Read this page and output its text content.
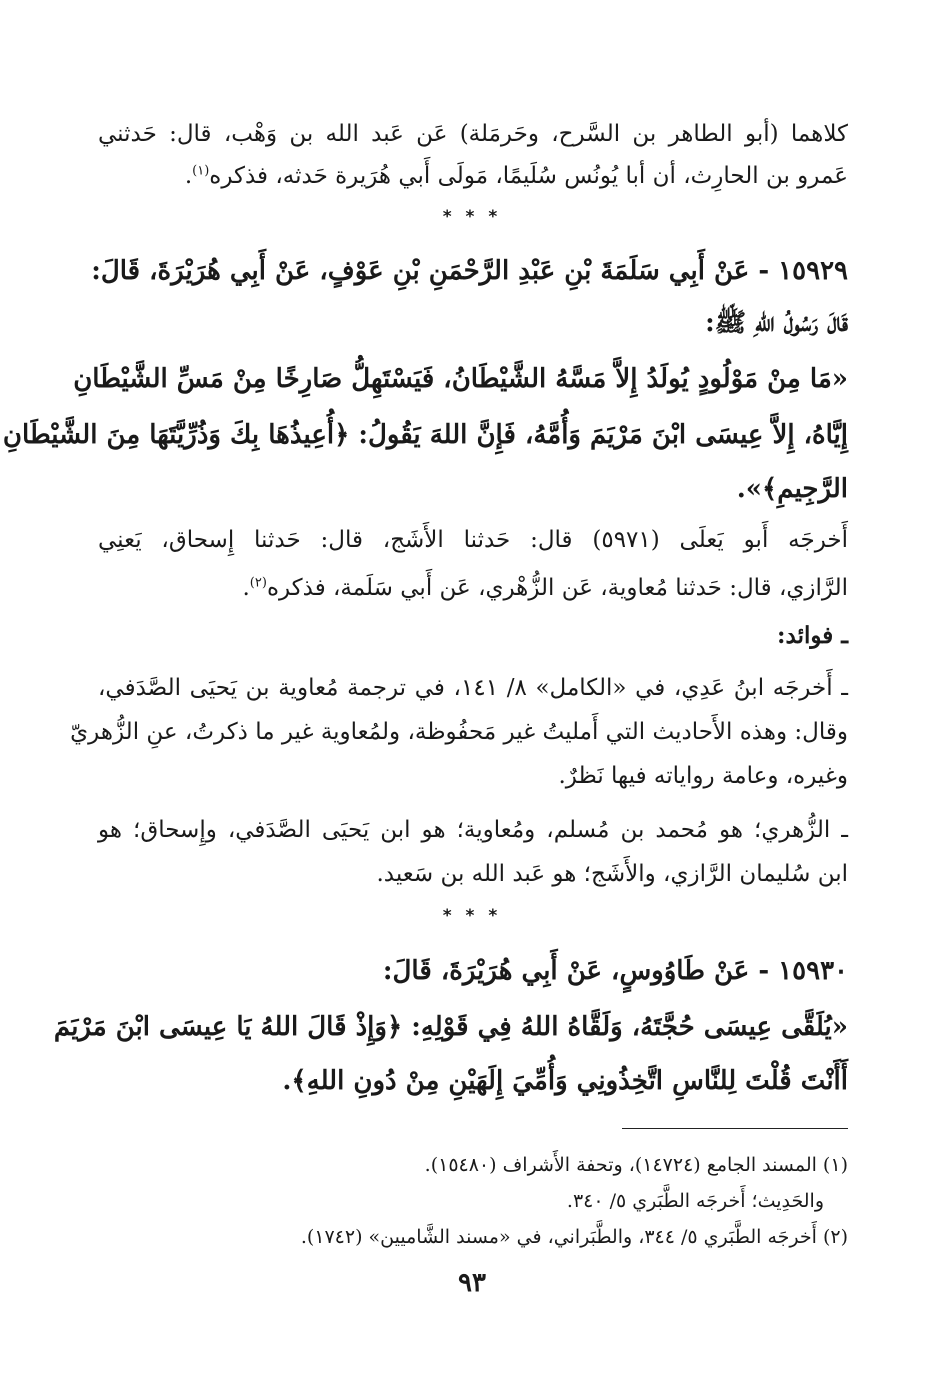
كلاهما (أبو الطاهر بن السَّرح، وحَرمَلة) عَن عَبد الله بن وَهْب، قال: حَدثني
عَمرو بن الحارِث، أن أبا يُونُس سُلَيمًا، مَولَى أَبي هُرَيرة حَدثه، فذكره$^{(١)}$.
* * *
١٥٩٢٩ - عَنْ أَبِي سَلَمَةَ بْنِ عَبْدِ الرَّحْمَنِ بْنِ عَوْفٍ، عَنْ أَبِي هُرَيْرَةَ، قَالَ:
قَالَ رَسُولُ اللهِ ﷺ:
«مَا مِنْ مَوْلُودٍ يُولَدُ إِلاَّ مَسَّهُ الشَّيْطَانُ، فَيَسْتَهِلُّ صَارِخًا مِنْ مَسِّ الشَّيْطَانِ
إِيَّاهُ، إِلاَّ عِيسَى ابْنَ مَرْيَمَ وَأُمَّهُ، فَإِنَّ اللهَ يَقُولُ: ﴿أُعِيذُهَا بِكَ وَذُرِّيَّتَهَا مِنَ الشَّيْطَانِ
الرَّجِيمِ﴾».
أَخرجَه أَبو يَعلَى (٥٩٧١) قال: حَدثنا الأَشَج، قال: حَدثنا إِسحاق، يَعنِي
الرَّازي، قال: حَدثنا مُعاوية، عَن الزُّهْري، عَن أَبي سَلَمة، فذكره$^{(٢)}$.
ـ فوائد:
ـ أَخرجَه ابنُ عَدِي، في «الكامل» ٨/ ١٤١، في ترجمة مُعاوية بن يَحيَى الصَّدَفي،
وقال: وهذه الأَحاديث التي أَمليتُ غير مَحفُوظة، ولمُعاوية غير ما ذكرتُ، عنِ الزُّهريّ
وغيره، وعامة رواياته فيها نَظرٌ.
ـ الزُّهري؛ هو مُحمد بن مُسلم، ومُعاوية؛ هو ابن يَحيَى الصَّدَفي، وإِسحاق؛ هو
ابن سُليمان الرَّازي، والأَشَج؛ هو عَبد الله بن سَعيد.
* * *
١٥٩٣٠ - عَنْ طَاوُوسٍ، عَنْ أَبِي هُرَيْرَةَ، قَالَ:
«يُلَقَّى عِيسَى حُجَّتَهُ، وَلَقَّاهُ اللهُ فِي قَوْلِهِ: ﴿وَإِذْ قَالَ اللهُ يَا عِيسَى ابْنَ مَرْيَمَ
أَأَنْتَ قُلْتَ لِلنَّاسِ اتَّخِذُونِي وَأُمِّيَ إِلَهَيْنِ مِنْ دُونِ اللهِ﴾.
(١) المسند الجامع (١٤٧٢٤)، وتحفة الأَشراف (١٥٤٨٠).
والحَدِيث؛ أَخرجَه الطَّبَري ٥/ ٣٤٠.
(٢) أَخرجَه الطَّبَري ٥/ ٣٤٤، والطَّبَراني، في «مسند الشَّاميين» (١٧٤٢).
٩٣
